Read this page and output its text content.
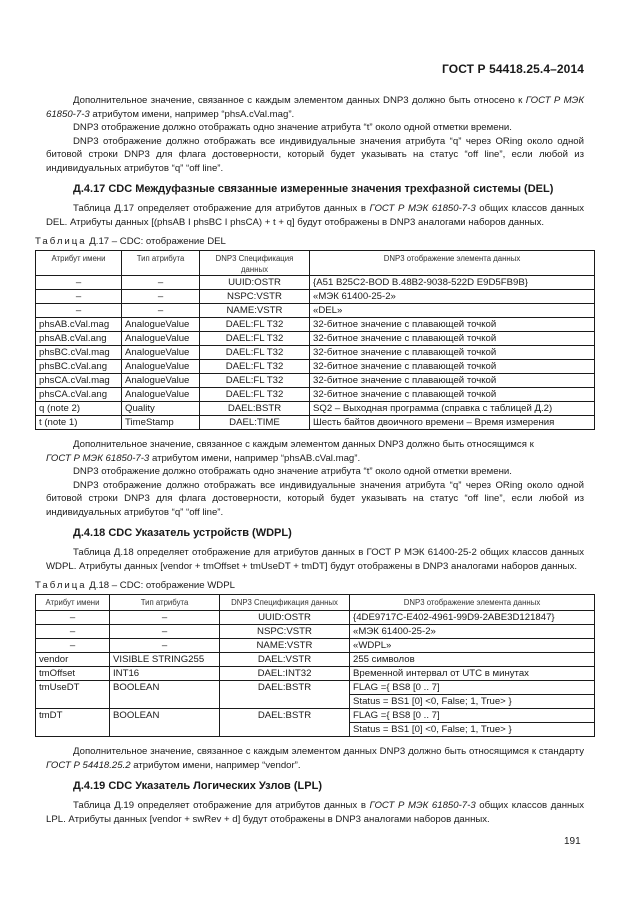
ГОСТ Р 54418.25.4–2014

Дополнительное значение, связанное с каждым элементом данных DNP3 должно быть относено к ГОСТ Р МЭК 61850-7-3 атрибутом имени, например “phsA.cVal.mag”.

DNP3 отображение должно отображать одно значение атрибута “t” около одной отметки времени.

DNP3 отображение должно отображать все индивидуальные значения атрибута “q” через ORing около одной битовой строки DNP3 для флага достоверности, который будет указывать на статус “off line”, если любой из индивидуальных атрибутов “q” “off line”.

Д.4.17 CDC Междуфазные связанные измеренные значения трехфазной системы (DEL)

Таблица Д.17 определяет отображение для атрибутов данных в ГОСТ Р МЭК 61850-7-3 общих классов данных DEL. Атрибуты данных [(phsAB I phsBC I phsCA) + t + q] будут отображены в DNP3 аналогами наборов данных.

Таблица Д.17 – CDC: отображение DEL
Атрибут имени	Тип атрибута	DNP3 Спецификация данных	DNP3 отображение элемента данных
–	–	UUID:OSTR	{A51 B25C2-BOD B.48B2-9038-522D E9D5FB9B}
–	–	NSPC:VSTR	«МЭК 61400-25-2»
–	–	NAME:VSTR	«DEL»
phsAB.cVal.mag	AnalogueValue	DAEL:FL T32	32-битное значение с плавающей точкой
phsAB.cVal.ang	AnalogueValue	DAEL:FL T32	32-битное значение с плавающей точкой
phsBC.cVal.mag	AnalogueValue	DAEL:FL T32	32-битное значение с плавающей точкой
phsBC.cVal.ang	AnalogueValue	DAEL:FL T32	32-битное значение с плавающей точкой
phsCA.cVal.mag	AnalogueValue	DAEL:FL T32	32-битное значение с плавающей точкой
phsCA.cVal.ang	AnalogueValue	DAEL:FL T32	32-битное значение с плавающей точкой
q (note 2)	Quality	DAEL:BSTR	SQ2 – Выходная программа (справка с таблицей Д.2)
t (note 1)	TimeStamp	DAEL:TIME	Шесть байтов двоичного времени – Время измерения

Дополнительное значение, связанное с каждым элементом данных DNP3 должно быть относящимся к
ГОСТ Р МЭК 61850-7-3 атрибутом имени, например “phsAB.cVal.mag”.

DNP3 отображение должно отображать одно значение атрибута “t” около одной отметки времени.

DNP3 отображение должно отображать все индивидуальные значения атрибута “q” через ORing около одной битовой строки DNP3 для флага достоверности, который будет указывать на статус “off line”, если любой из индивидуальных атрибутов “q” “off line”.

Д.4.18 CDC Указатель устройств (WDPL)

Таблица Д.18 определяет отображение для атрибутов данных в ГОСТ Р МЭК 61400-25-2 общих классов данных WDPL. Атрибуты данных [vendor + tmOffset + tmUseDT + tmDT] будут отображены в DNP3 аналогами наборов данных.

Таблица Д.18 – CDC: отображение WDPL
Атрибут имени	Тип атрибута	DNP3 Спецификация данных	DNP3 отображение элемента данных
–	–	UUID:OSTR	{4DE9717C-E402-4961-99D9-2ABE3D121847}
–	–	NSPC:VSTR	«МЭК 61400-25-2»
–	–	NAME:VSTR	«WDPL»
vendor	VISIBLE STRING255	DAEL:VSTR	255 символов
tmOffset	INT16	DAEL:INT32	Временной интервал от UTC в минутах
tmUseDT	BOOLEAN	DAEL:BSTR	FLAG ={ BS8 [0 .. 7]
			Status = BS1 [0] <0, False; 1, True> }
tmDT	BOOLEAN	DAEL:BSTR	FLAG ={ BS8 [0 .. 7]
			Status = BS1 [0] <0, False; 1, True> }

Дополнительное значение, связанное с каждым элементом данных DNP3 должно быть относящимся к стандарту ГОСТ Р 54418.25.2 атрибутом имени, например “vendor”.

Д.4.19 CDC Указатель Логических Узлов (LPL)

Таблица Д.19 определяет отображение для атрибутов данных в ГОСТ Р МЭК 61850-7-3 общих классов данных LPL. Атрибуты данных [vendor + swRev + d] будут отображены в DNP3 аналогами наборов данных.

191
